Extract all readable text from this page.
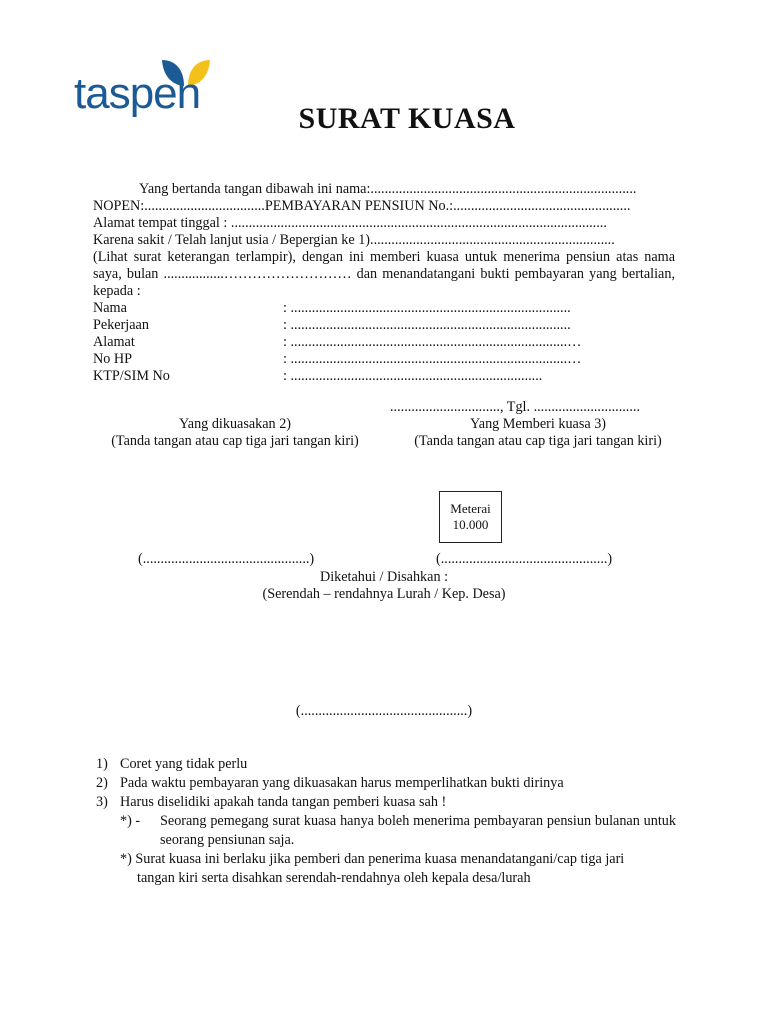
taspen
SURAT KUASA
Yang bertanda tangan dibawah ini nama:...........................................................................
NOPEN:..................................PEMBAYARAN PENSIUN No.:..................................................
Alamat tempat tinggal : ..........................................................................................................
Karena sakit / Telah lanjut usia / Bepergian ke 1).....................................................................
(Lihat surat keterangan terlampir), dengan ini memberi kuasa untuk menerima pensiun atas nama saya, bulan .................……………………… dan menandatangani bukti pembayaran yang bertalian, kepada :
Nama	: ...............................................................................
Pekerjaan	: ...............................................................................
Alamat	: ..............................................................................…
No HP	: ..............................................................................…
KTP/SIM No	: .......................................................................
..............................., Tgl. ..............................
Yang dikuasakan 2)
(Tanda tangan atau cap tiga jari tangan kiri)
Yang Memberi kuasa 3)
(Tanda tangan atau cap tiga jari tangan kiri)
Meterai
10.000
(...............................................)	(...............................................)
Diketahui / Disahkan :
(Serendah – rendahnya Lurah / Kep. Desa)
(...............................................)
1) Coret yang tidak perlu
2) Pada waktu pembayaran yang dikuasakan harus memperlihatkan bukti dirinya
3) Harus diselidiki apakah tanda tangan pemberi kuasa sah !
*) -	Seorang pemegang surat kuasa hanya boleh menerima pembayaran pensiun bulanan untuk seorang pensiunan saja.
*) Surat kuasa ini berlaku jika pemberi dan penerima kuasa menandatangani/cap tiga jari
tangan kiri serta disahkan serendah-rendahnya oleh kepala desa/lurah
